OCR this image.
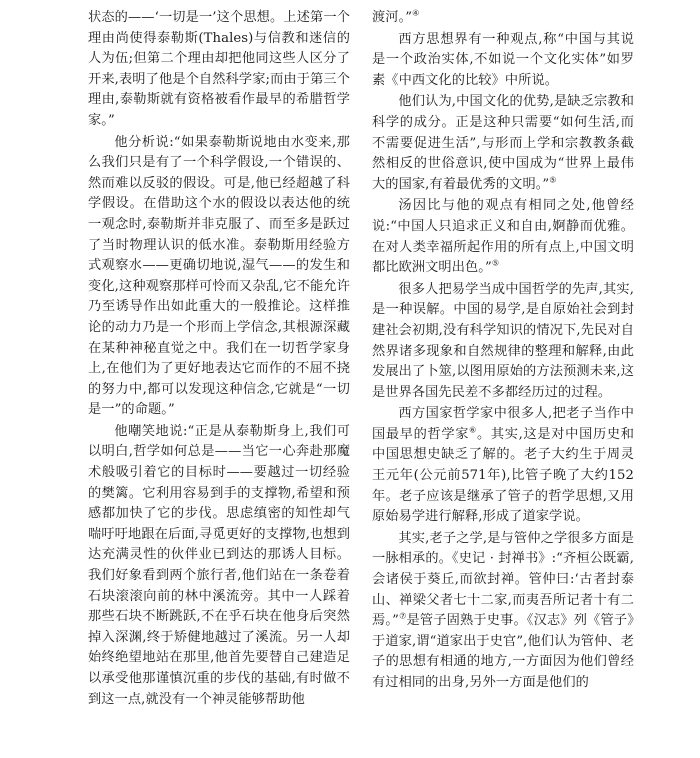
状态的——‘一切是一’这个思想。上述第一个理由尚使得泰勒斯(Thales)与信教和迷信的人为伍;但第二个理由却把他同这些人区分了开来,表明了他是个自然科学家;而由于第三个理由,泰勒斯就有资格被看作最早的希腊哲学家。”

他分析说:“如果泰勒斯说地由水变来,那么我们只是有了一个科学假设,一个错误的、然而难以反驳的假设。可是,他已经超越了科学假设。在借助这个水的假设以表达他的统一观念时,泰勒斯并非克服了、而至多是跃过了当时物理认识的低水准。泰勒斯用经验方式观察水——更确切地说,湿气——的发生和变化,这种观察那样可怜而又杂乱,它不能允许乃至诱导作出如此重大的一般推论。这样推论的动力乃是一个形而上学信念,其根源深藏在某种神秘直觉之中。我们在一切哲学家身上,在他们为了更好地表达它而作的不屈不挠的努力中,都可以发现这种信念,它就是“一切是一”的命题。”

他嘲笑地说:“正是从泰勒斯身上,我们可以明白,哲学如何总是——当它一心奔赴那魔术般吸引着它的目标时——要越过一切经验的樊篱。它利用容易到手的支撑物,希望和预感都加快了它的步伐。思虑缜密的知性却气喘吁吁地跟在后面,寻觅更好的支撑物,也想到达充满灵性的伙伴业已到达的那诱人目标。我们好象看到两个旅行者,他们站在一条卷着石块滚滚向前的林中溪流旁。其中一人踩着那些石块不断跳跃,不在乎石块在他身后突然掉入深渊,终于矫健地越过了溪流。另一人却始终绝望地站在那里,他首先要替自己建造足以承受他那谨慎沉重的步伐的基础,有时做不到这一点,就没有一个神灵能够帮助他

渡河。”④

西方思想界有一种观点,称“中国与其说是一个政治实体,不如说一个文化实体”如罗素《中西文化的比较》中所说。

他们认为,中国文化的优势,是缺乏宗教和科学的成分。正是这种只需要“如何生活,而不需要促进生活”,与形而上学和宗教教条截然相反的世俗意识,使中国成为“世界上最伟大的国家,有着最优秀的文明。”⑤

汤因比与他的观点有相同之处,他曾经说:“中国人只追求正义和自由,婀静而优雅。在对人类幸福所起作用的所有点上,中国文明都比欧洲文明出色。”⑤

很多人把易学当成中国哲学的先声,其实,是一种误解。中国的易学,是自原始社会到封建社会初期,没有科学知识的情况下,先民对自然界诸多现象和自然规律的整理和解释,由此发展出了卜筮,以图用原始的方法预测未来,这是世界各国先民差不多都经历过的过程。

西方国家哲学家中很多人,把老子当作中国最早的哲学家⑥。其实,这是对中国历史和中国思想史缺乏了解的。老子大约生于周灵王元年(公元前571年),比管子晚了大约152年。老子应该是继承了管子的哲学思想,又用原始易学进行解释,形成了道家学说。

其实,老子之学,是与管仲之学很多方面是一脉相承的。《史记 · 封禅书》:“齐桓公既霸,会诸侯于葵丘,而欲封禅。管仲曰:‘古者封泰山、禅梁父者七十二家,而夷吾所记者十有二焉。”⑦是管子固熟于史事。《汉志》列《管子》于道家,谓“道家出于史官”,他们认为管仲、老子的思想有相通的地方,一方面因为他们曾经有过相同的出身,另外一方面是他们的
